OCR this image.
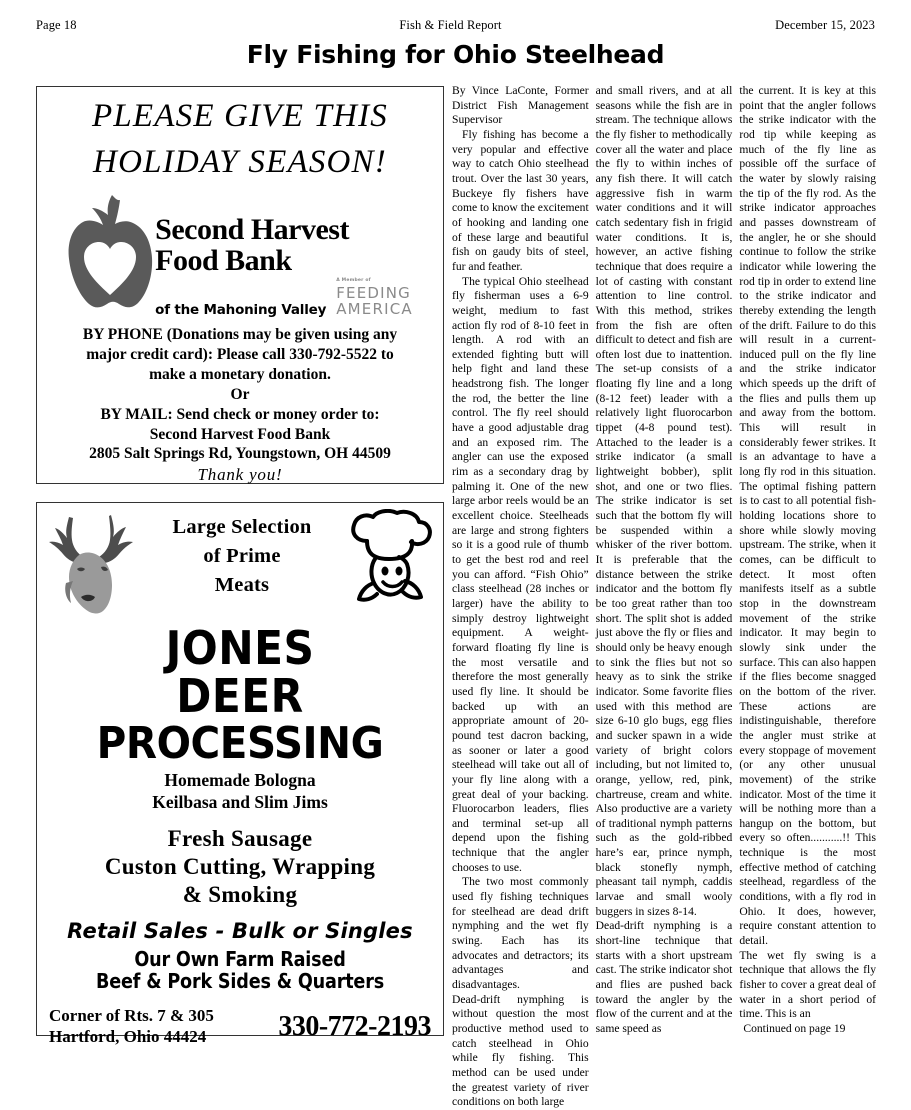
Page 18	Fish & Field Report	December 15, 2023
Fly Fishing for Ohio Steelhead
PLEASE GIVE THIS
HOLIDAY SEASON!
Second Harvest
Food Bank
of the Mahoning Valley
A Member of
FEEDING
AMERICA
BY PHONE (Donations may be given using any
major credit card): Please call 330-792-5522 to
make a monetary donation.
Or
BY MAIL: Send check or money order to:
Second Harvest Food Bank
2805 Salt Springs Rd, Youngstown, OH 44509
Thank you!
Large Selection
of Prime
Meats
JONES
DEER
PROCESSING
Homemade Bologna
Keilbasa and Slim Jims
Fresh Sausage
Custon Cutting, Wrapping
& Smoking
Retail Sales - Bulk or Singles
Our Own Farm Raised
Beef & Pork Sides & Quarters
Corner of Rts. 7 & 305
Hartford, Ohio 44424	330-772-2193

By Vince LaConte, Former District Fish Management Supervisor

Fly fishing has become a very popular and effective way to catch Ohio steelhead trout. Over the last 30 years, Buckeye fly fishers have come to know the excitement of hooking and landing one of these large and beautiful fish on gaudy bits of steel, fur and feather.

The typical Ohio steelhead fly fisherman uses a 6-9 weight, medium to fast action fly rod of 8-10 feet in length. A rod with an extended fighting butt will help fight and land these headstrong fish. The longer the rod, the better the line control. The fly reel should have a good adjustable drag and an exposed rim. The angler can use the exposed rim as a secondary drag by palming it. One of the new large arbor reels would be an excellent choice. Steelheads are large and strong fighters so it is a good rule of thumb to get the best rod and reel you can afford. “Fish Ohio” class steelhead (28 inches or larger) have the ability to simply destroy lightweight equipment. A weight-forward floating fly line is the most versatile and therefore the most generally used fly line. It should be backed up with an appropriate amount of 20-pound test dacron backing, as sooner or later a good steelhead will take out all of your fly line along with a great deal of your backing. Fluorocarbon leaders, flies and terminal set-up all depend upon the fishing technique that the angler chooses to use.

The two most commonly used fly fishing techniques for steelhead are dead drift nymphing and the wet fly swing. Each has its advocates and detractors; its advantages and disadvantages.

Dead-drift nymphing is without question the most productive method used to catch steelhead in Ohio while fly fishing. This method can be used under the greatest variety of river conditions on both large

and small rivers, and at all seasons while the fish are in stream. The technique allows the fly fisher to methodically cover all the water and place the fly to within inches of any fish there. It will catch aggressive fish in warm water conditions and it will catch sedentary fish in frigid water conditions. It is, however, an active fishing technique that does require a lot of casting with constant attention to line control. With this method, strikes from the fish are often difficult to detect and fish are often lost due to inattention. The set-up consists of a floating fly line and a long (8-12 feet) leader with a relatively light fluorocarbon tippet (4-8 pound test). Attached to the leader is a strike indicator (a small lightweight bobber), split shot, and one or two flies. The strike indicator is set such that the bottom fly will be suspended within a whisker of the river bottom. It is preferable that the distance between the strike indicator and the bottom fly be too great rather than too short. The split shot is added just above the fly or flies and should only be heavy enough to sink the flies but not so heavy as to sink the strike indicator. Some favorite flies used with this method are size 6-10 glo bugs, egg flies and sucker spawn in a wide variety of bright colors including, but not limited to, orange, yellow, red, pink, chartreuse, cream and white. Also productive are a variety of traditional nymph patterns such as the gold-ribbed hare’s ear, prince nymph, black stonefly nymph, pheasant tail nymph, caddis larvae and small wooly buggers in sizes 8-14.

Dead-drift nymphing is a short-line technique that starts with a short upstream cast. The strike indicator shot and flies are pushed back toward the angler by the flow of the current and at the same speed as

the current. It is key at this point that the angler follows the strike indicator with the rod tip while keeping as much of the fly line as possible off the surface of the water by slowly raising the tip of the fly rod. As the strike indicator approaches and passes downstream of the angler, he or she should continue to follow the strike indicator while lowering the rod tip in order to extend line to the strike indicator and thereby extending the length of the drift. Failure to do this will result in a current-induced pull on the fly line and the strike indicator which speeds up the drift of the flies and pulls them up and away from the bottom. This will result in considerably fewer strikes. It is an advantage to have a long fly rod in this situation. The optimal fishing pattern is to cast to all potential fish-holding locations shore to shore while slowly moving upstream. The strike, when it comes, can be difficult to detect. It most often manifests itself as a subtle stop in the downstream movement of the strike indicator. It may begin to slowly sink under the surface. This can also happen if the flies become snagged on the bottom of the river. These actions are indistinguishable, therefore the angler must strike at every stoppage of movement (or any other unusual movement) of the strike indicator. Most of the time it will be nothing more than a hangup on the bottom, but every so often...........!! This technique is the most effective method of catching steelhead, regardless of the conditions, with a fly rod in Ohio. It does, however, require constant attention to detail.

The wet fly swing is a technique that allows the fly fisher to cover a great deal of water in a short period of time. This is an

Continued on page 19
